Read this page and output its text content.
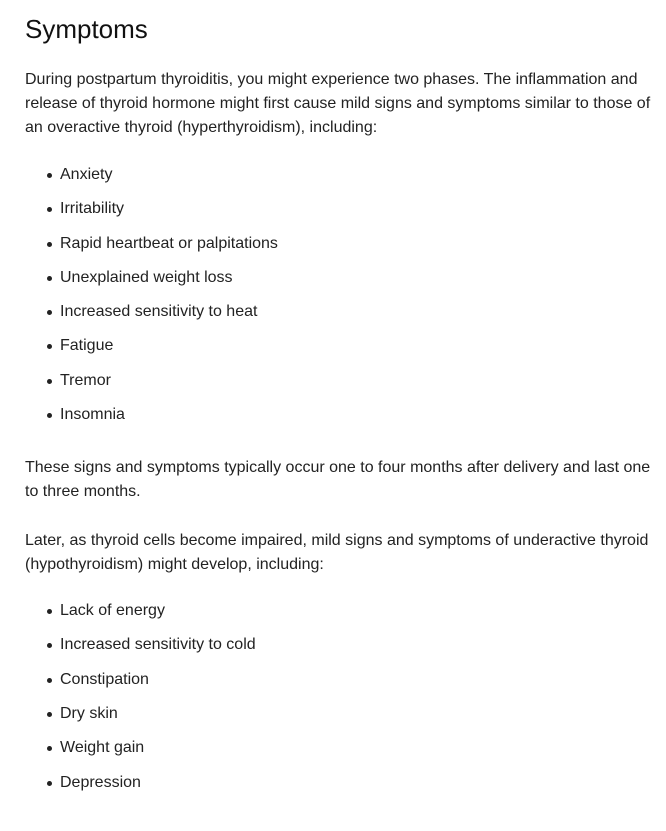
Symptoms

During postpartum thyroiditis, you might experience two phases. The inflammation and release of thyroid hormone might first cause mild signs and symptoms similar to those of an overactive thyroid (hyperthyroidism), including:

Anxiety
Irritability
Rapid heartbeat or palpitations
Unexplained weight loss
Increased sensitivity to heat
Fatigue
Tremor
Insomnia

These signs and symptoms typically occur one to four months after delivery and last one to three months.

Later, as thyroid cells become impaired, mild signs and symptoms of underactive thyroid (hypothyroidism) might develop, including:

Lack of energy
Increased sensitivity to cold
Constipation
Dry skin
Weight gain
Depression
